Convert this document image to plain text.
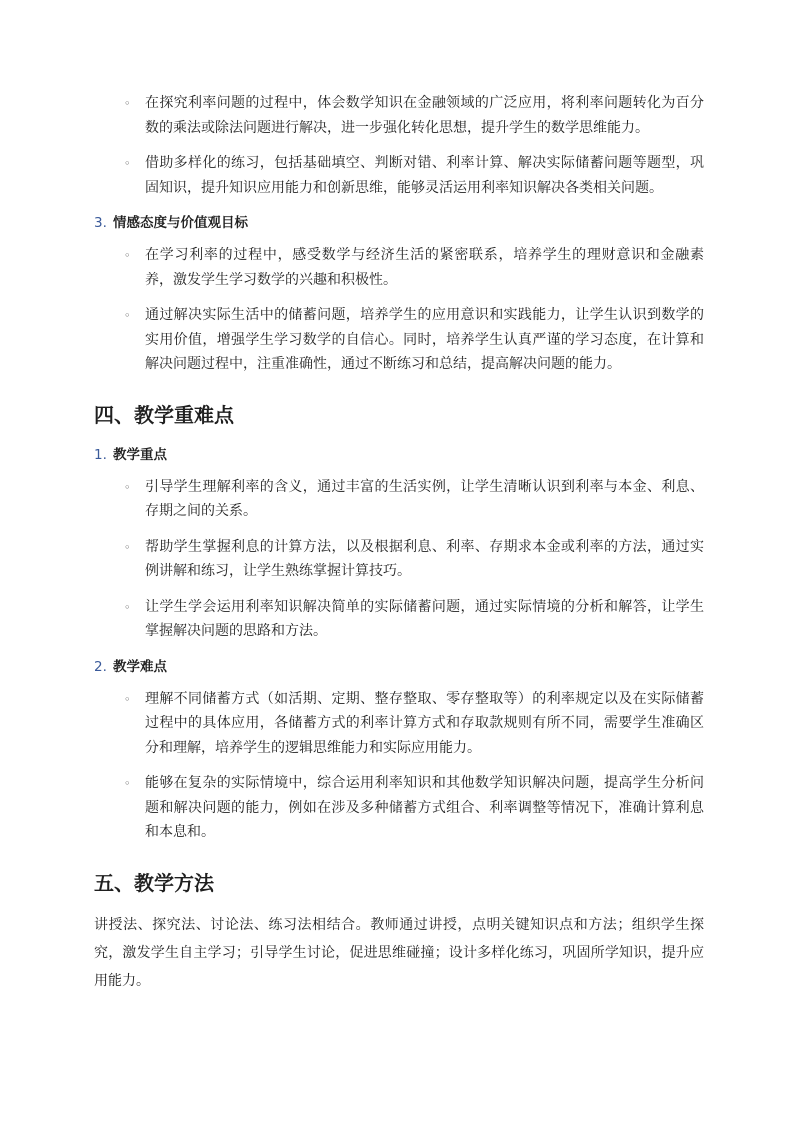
◦ 在探究利率问题的过程中，体会数学知识在金融领域的广泛应用，将利率问题转化为百分数的乘法或除法问题进行解决，进一步强化转化思想，提升学生的数学思维能力。
◦ 借助多样化的练习，包括基础填空、判断对错、利率计算、解决实际储蓄问题等题型，巩固知识，提升知识应用能力和创新思维，能够灵活运用利率知识解决各类相关问题。
3. 情感态度与价值观目标
◦ 在学习利率的过程中，感受数学与经济生活的紧密联系，培养学生的理财意识和金融素养，激发学生学习数学的兴趣和积极性。
◦ 通过解决实际生活中的储蓄问题，培养学生的应用意识和实践能力，让学生认识到数学的实用价值，增强学生学习数学的自信心。同时，培养学生认真严谨的学习态度，在计算和解决问题过程中，注重准确性，通过不断练习和总结，提高解决问题的能力。
四、教学重难点
1. 教学重点
◦ 引导学生理解利率的含义，通过丰富的生活实例，让学生清晰认识到利率与本金、利息、存期之间的关系。
◦ 帮助学生掌握利息的计算方法，以及根据利息、利率、存期求本金或利率的方法，通过实例讲解和练习，让学生熟练掌握计算技巧。
◦ 让学生学会运用利率知识解决简单的实际储蓄问题，通过实际情境的分析和解答，让学生掌握解决问题的思路和方法。
2. 教学难点
◦ 理解不同储蓄方式（如活期、定期、整存整取、零存整取等）的利率规定以及在实际储蓄过程中的具体应用，各储蓄方式的利率计算方式和存取款规则有所不同，需要学生准确区分和理解，培养学生的逻辑思维能力和实际应用能力。
◦ 能够在复杂的实际情境中，综合运用利率知识和其他数学知识解决问题，提高学生分析问题和解决问题的能力，例如在涉及多种储蓄方式组合、利率调整等情况下，准确计算利息和本息和。
五、教学方法

讲授法、探究法、讨论法、练习法相结合。教师通过讲授，点明关键知识点和方法；组织学生探究，激发学生自主学习；引导学生讨论，促进思维碰撞；设计多样化练习，巩固所学知识，提升应用能力。
